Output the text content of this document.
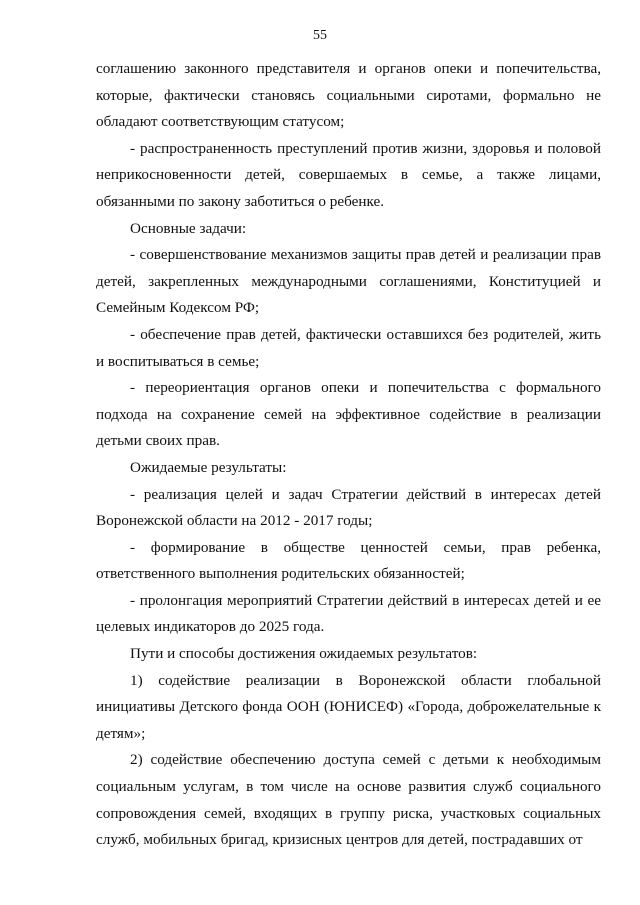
55

соглашению законного представителя и органов опеки и попечительства, которые, фактически становясь социальными сиротами, формально не обладают соответствующим статусом;

- распространенность преступлений против жизни, здоровья и половой неприкосновенности детей, совершаемых в семье, а также лицами, обязанными по закону заботиться о ребенке.

Основные задачи:

- совершенствование механизмов защиты прав детей и реализации прав детей, закрепленных международными соглашениями, Конституцией и Семейным Кодексом РФ;

- обеспечение прав детей, фактически оставшихся без родителей, жить и воспитываться в семье;

- переориентация органов опеки и попечительства с формального подхода на сохранение семей на эффективное содействие в реализации детьми своих прав.

Ожидаемые результаты:

- реализация целей и задач Стратегии действий в интересах детей Воронежской области на 2012 - 2017 годы;

- формирование в обществе ценностей семьи, прав ребенка, ответственного выполнения родительских обязанностей;

- пролонгация мероприятий Стратегии действий в интересах детей и ее целевых индикаторов до 2025 года.

Пути и способы достижения ожидаемых результатов:

1) содействие реализации в Воронежской области глобальной инициативы Детского фонда ООН (ЮНИСЕФ) «Города, доброжелательные к детям»;

2) содействие обеспечению доступа семей с детьми к необходимым социальным услугам, в том числе на основе развития служб социального сопровождения семей, входящих в группу риска, участковых социальных служб, мобильных бригад, кризисных центров для детей, пострадавших от
